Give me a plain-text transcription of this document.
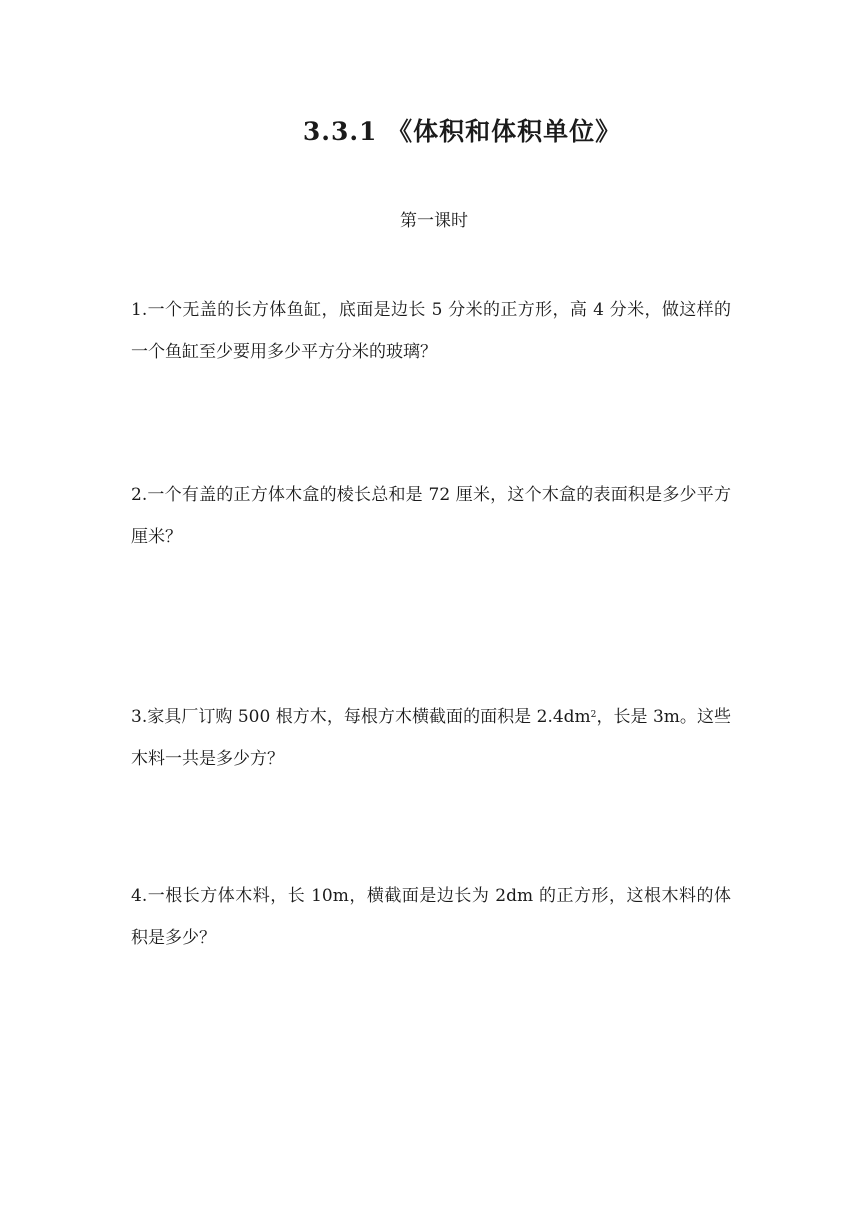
3.3.1 《体积和体积单位》
第一课时
1.一个无盖的长方体鱼缸，底面是边长 5 分米的正方形，高 4 分米，做这样的一个鱼缸至少要用多少平方分米的玻璃？
2.一个有盖的正方体木盒的棱长总和是 72 厘米，这个木盒的表面积是多少平方厘米？
3.家具厂订购 500 根方木，每根方木横截面的面积是 $2.4dm^2$，长是 3m。这些木料一共是多少方？
4.一根长方体木料，长 10m，横截面是边长为 2dm 的正方形，这根木料的体积是多少？
